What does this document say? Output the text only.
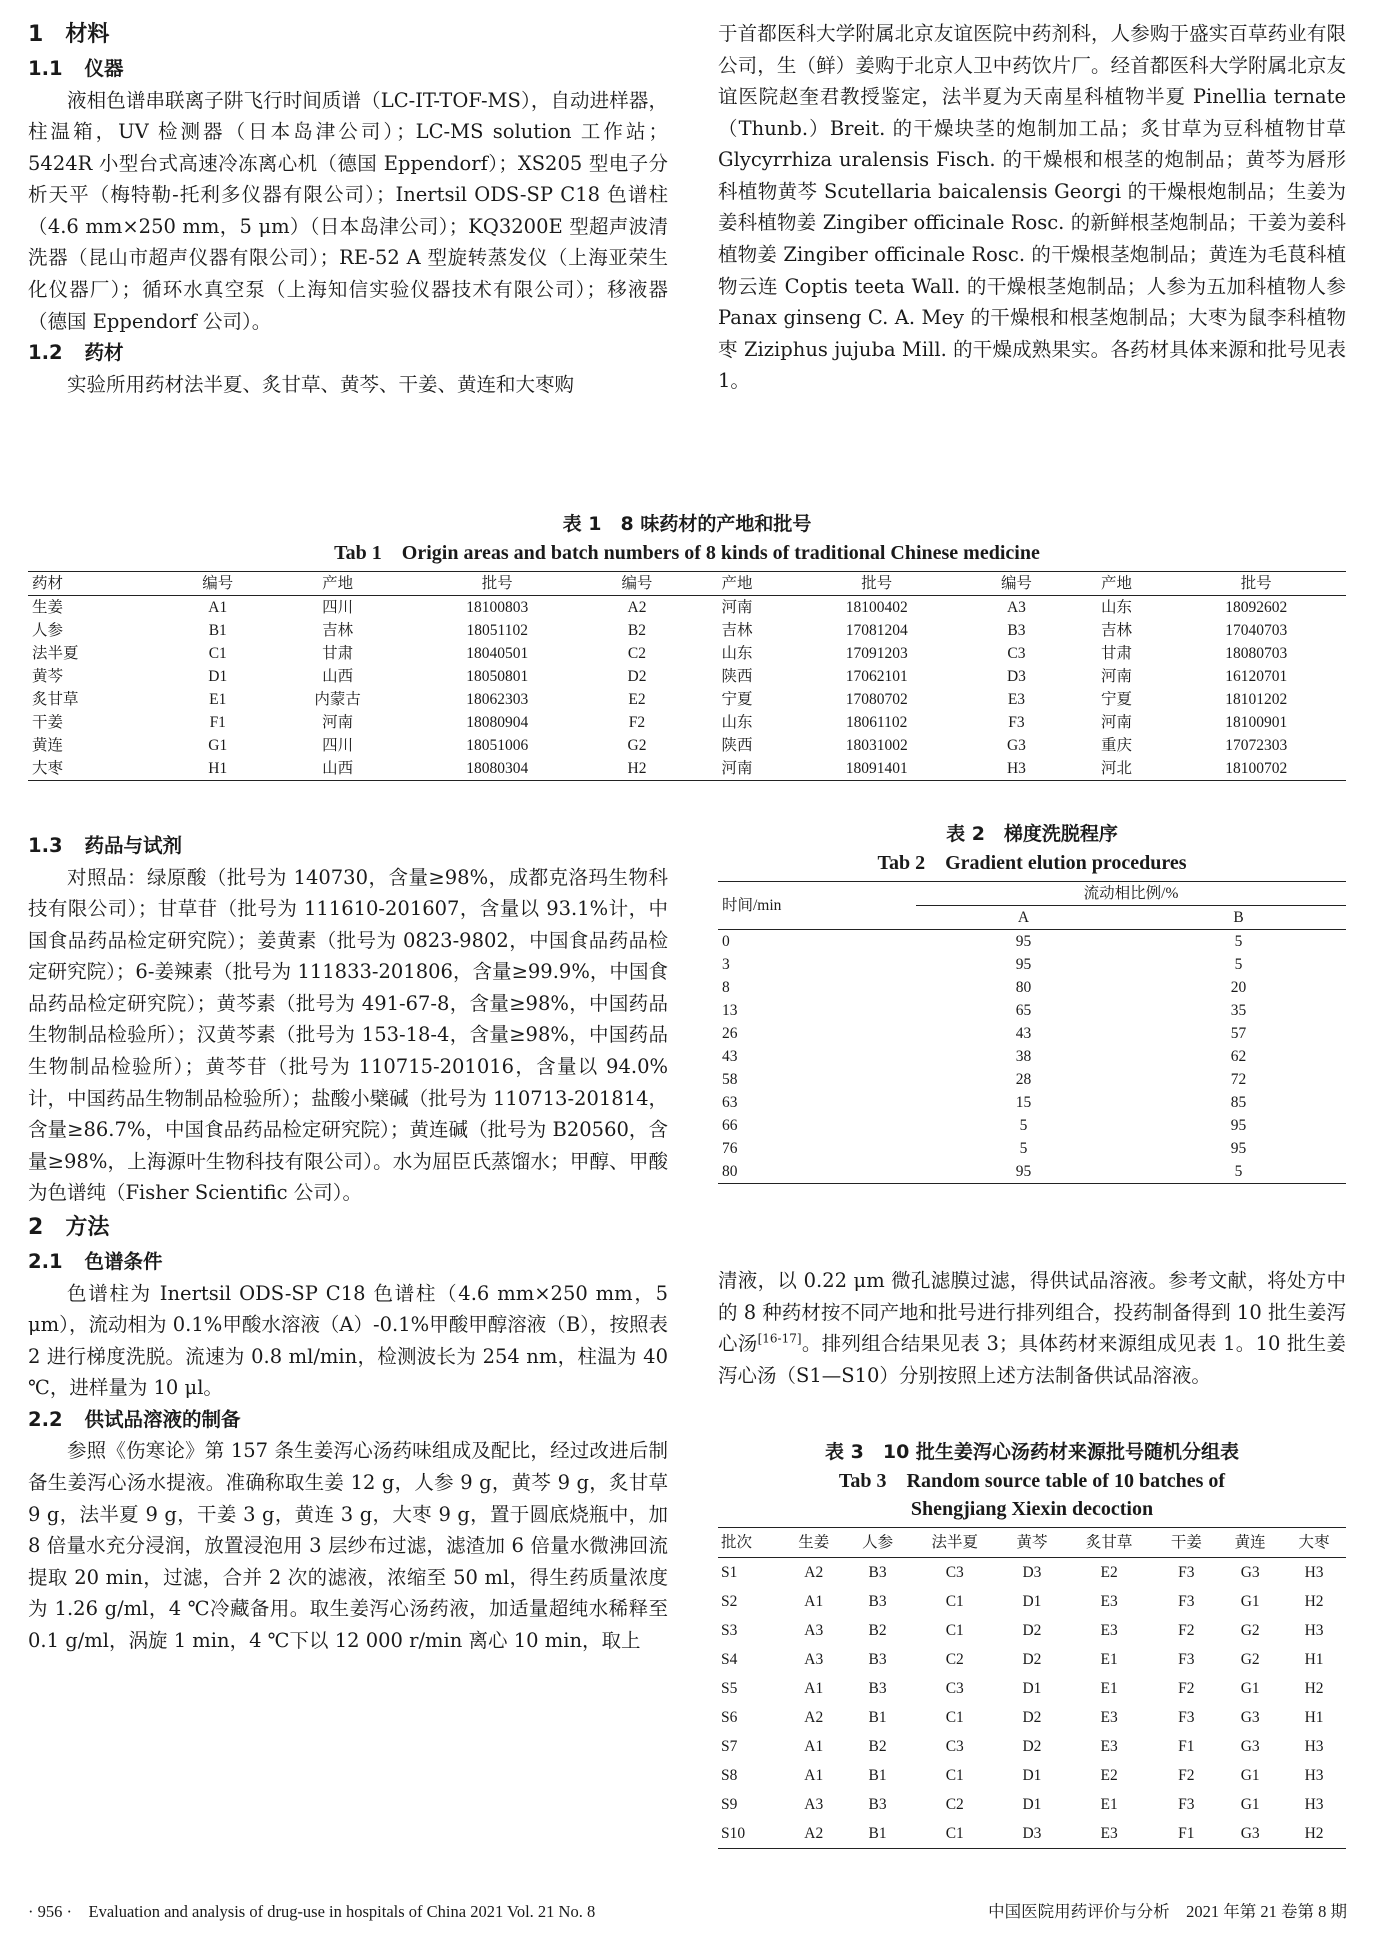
1 材料
1.1 仪器

液相色谱串联离子阱飞行时间质谱（LC-IT-TOF-MS），自动进样器，柱温箱，UV 检测器（日本岛津公司）；LC-MS solution 工作站；5424R 小型台式高速冷冻离心机（德国 Eppendorf）；XS205 型电子分析天平（梅特勒-托利多仪器有限公司）；Inertsil ODS-SP C18 色谱柱（4.6 mm×250 mm，5 μm）（日本岛津公司）；KQ3200E 型超声波清洗器（昆山市超声仪器有限公司）；RE-52 A 型旋转蒸发仪（上海亚荣生化仪器厂）；循环水真空泵（上海知信实验仪器技术有限公司）；移液器（德国 Eppendorf 公司）。

1.2 药材

实验所用药材法半夏、炙甘草、黄芩、干姜、黄连和大枣购

于首都医科大学附属北京友谊医院中药剂科，人参购于盛实百草药业有限公司，生（鲜）姜购于北京人卫中药饮片厂。经首都医科大学附属北京友谊医院赵奎君教授鉴定，法半夏为天南星科植物半夏 Pinellia ternate（Thunb.）Breit. 的干燥块茎的炮制加工品；炙甘草为豆科植物甘草 Glycyrrhiza uralensis Fisch. 的干燥根和根茎的炮制品；黄芩为唇形科植物黄芩 Scutellaria baicalensis Georgi 的干燥根炮制品；生姜为姜科植物姜 Zingiber officinale Rosc. 的新鲜根茎炮制品；干姜为姜科植物姜 Zingiber officinale Rosc. 的干燥根茎炮制品；黄连为毛茛科植物云连 Coptis teeta Wall. 的干燥根茎炮制品；人参为五加科植物人参 Panax ginseng C. A. Mey 的干燥根和根茎炮制品；大枣为鼠李科植物枣 Ziziphus jujuba Mill. 的干燥成熟果实。各药材具体来源和批号见表 1。

表 1　8 味药材的产地和批号
Tab 1　Origin areas and batch numbers of 8 kinds of traditional Chinese medicine
药材	编号	产地	批号	编号	产地	批号	编号	产地	批号
生姜	A1	四川	18100803	A2	河南	18100402	A3	山东	18092602
人参	B1	吉林	18051102	B2	吉林	17081204	B3	吉林	17040703
法半夏	C1	甘肃	18040501	C2	山东	17091203	C3	甘肃	18080703
黄芩	D1	山西	18050801	D2	陕西	17062101	D3	河南	16120701
炙甘草	E1	内蒙古	18062303	E2	宁夏	17080702	E3	宁夏	18101202
干姜	F1	河南	18080904	F2	山东	18061102	F3	河南	18100901
黄连	G1	四川	18051006	G2	陕西	18031002	G3	重庆	17072303
大枣	H1	山西	18080304	H2	河南	18091401	H3	河北	18100702
1.3 药品与试剂

对照品：绿原酸（批号为 140730，含量≥98%，成都克洛玛生物科技有限公司）；甘草苷（批号为 111610-201607，含量以 93.1%计，中国食品药品检定研究院）；姜黄素（批号为 0823-9802，中国食品药品检定研究院）；6-姜辣素（批号为 111833-201806，含量≥99.9%，中国食品药品检定研究院）；黄芩素（批号为 491-67-8，含量≥98%，中国药品生物制品检验所）；汉黄芩素（批号为 153-18-4，含量≥98%，中国药品生物制品检验所）；黄芩苷（批号为 110715-201016，含量以 94.0%计，中国药品生物制品检验所）；盐酸小檗碱（批号为 110713-201814，含量≥86.7%，中国食品药品检定研究院）；黄连碱（批号为 B20560，含量≥98%，上海源叶生物科技有限公司）。水为屈臣氏蒸馏水；甲醇、甲酸为色谱纯（Fisher Scientific 公司）。

2 方法
2.1 色谱条件

色谱柱为 Inertsil ODS-SP C18 色谱柱（4.6 mm×250 mm，5 μm），流动相为 0.1%甲酸水溶液（A）-0.1%甲酸甲醇溶液（B），按照表 2 进行梯度洗脱。流速为 0.8 ml/min，检测波长为 254 nm，柱温为 40 ℃，进样量为 10 μl。

2.2 供试品溶液的制备

参照《伤寒论》第 157 条生姜泻心汤药味组成及配比，经过改进后制备生姜泻心汤水提液。准确称取生姜 12 g，人参 9 g，黄芩 9 g，炙甘草 9 g，法半夏 9 g，干姜 3 g，黄连 3 g，大枣 9 g，置于圆底烧瓶中，加 8 倍量水充分浸润，放置浸泡用 3 层纱布过滤，滤渣加 6 倍量水微沸回流提取 20 min，过滤，合并 2 次的滤液，浓缩至 50 ml，得生药质量浓度为 1.26 g/ml，4 ℃冷藏备用。取生姜泻心汤药液，加适量超纯水稀释至 0.1 g/ml，涡旋 1 min，4 ℃下以 12 000 r/min 离心 10 min，取上

表 2　梯度洗脱程序
Tab 2　Gradient elution procedures
时间/min	流动相比例/%	
	A	B
0	95	5
3	95	5
8	80	20
13	65	35
26	43	57
43	38	62
58	28	72
63	15	85
66	5	95
76	5	95
80	95	5

清液，以 0.22 μm 微孔滤膜过滤，得供试品溶液。参考文献，将处方中的 8 种药材按不同产地和批号进行排列组合，投药制备得到 10 批生姜泻心汤[16-17]。排列组合结果见表 3；具体药材来源组成见表 1。10 批生姜泻心汤（S1—S10）分别按照上述方法制备供试品溶液。

表 3　10 批生姜泻心汤药材来源批号随机分组表
Tab 3　Random source table of 10 batches of
Shengjiang Xiexin decoction
批次	生姜	人参	法半夏	黄芩	炙甘草	干姜	黄连	大枣
S1	A2	B3	C3	D3	E2	F3	G3	H3
S2	A1	B3	C1	D1	E3	F3	G1	H2
S3	A3	B2	C1	D2	E3	F2	G2	H3
S4	A3	B3	C2	D2	E1	F3	G2	H1
S5	A1	B3	C3	D1	E1	F2	G1	H2
S6	A2	B1	C1	D2	E3	F3	G3	H1
S7	A1	B2	C3	D2	E3	F1	G3	H3
S8	A1	B1	C1	D1	E2	F2	G1	H3
S9	A3	B3	C2	D1	E1	F3	G1	H3
S10	A2	B1	C1	D3	E3	F1	G3	H2
· 956 ·　Evaluation and analysis of drug-use in hospitals of China 2021 Vol. 21 No. 8	中国医院用药评价与分析　2021 年第 21 卷第 8 期
